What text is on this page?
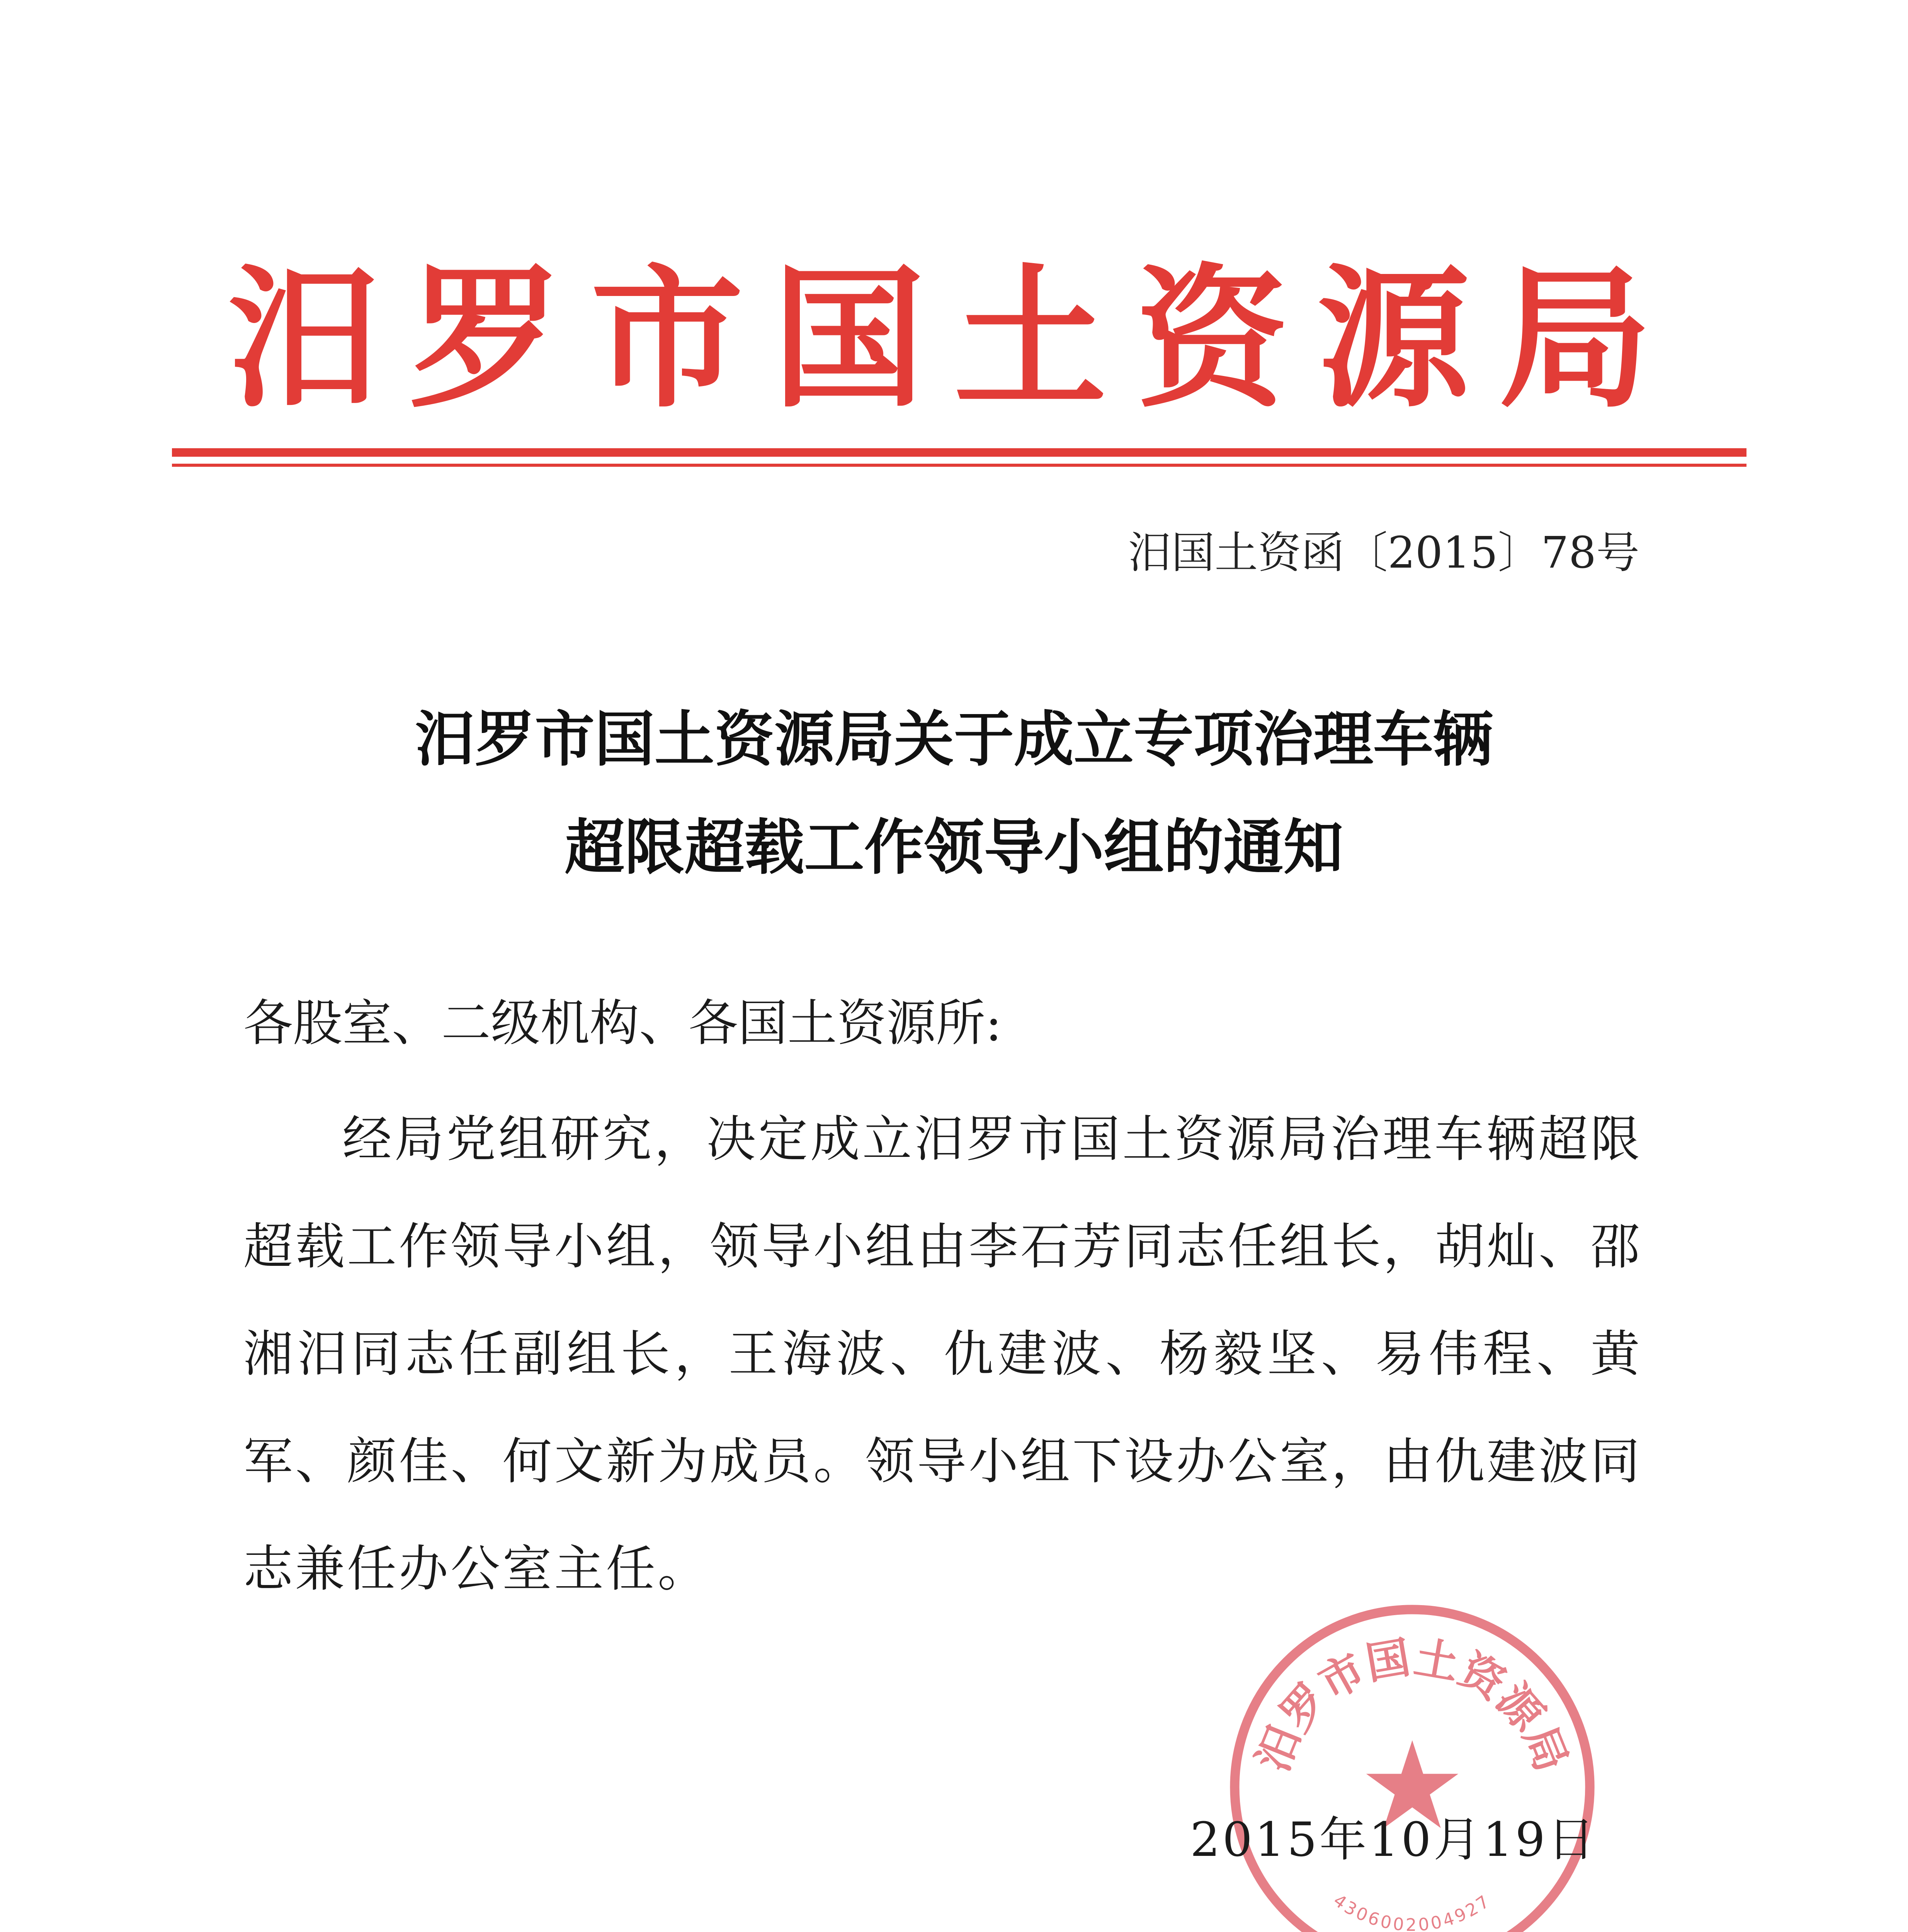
汨罗市国土资源局
汨国土资函〔2015〕78号
汨罗市国土资源局关于成立专项治理车辆
超限超载工作领导小组的通知
各股室、二级机构、各国土资源所:
经局党组研究，决定成立汨罗市国土资源局治理车辆超限超载工作领导小组，领导小组由李石芳同志任组长，胡灿、邵湘汨同志任副组长，王海波、仇建波、杨毅坚、易伟程、黄军、颜佳、何文新为成员。领导小组下设办公室，由仇建波同志兼任办公室主任。
汨罗市国土资源局
4306002004927
2015年10月19日
